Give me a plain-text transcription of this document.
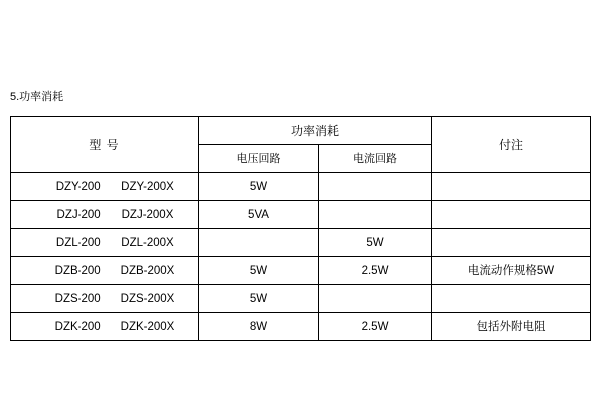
5.功率消耗
型 号	功率消耗		付注
	电压回路	电流回路	
DZY-200 DZY-200X	5W		
DZJ-200 DZJ-200X	5VA		
DZL-200 DZL-200X		5W	
DZB-200 DZB-200X	5W	2.5W	电流动作规格5W
DZS-200 DZS-200X	5W		
DZK-200 DZK-200X	8W	2.5W	包括外附电阻
